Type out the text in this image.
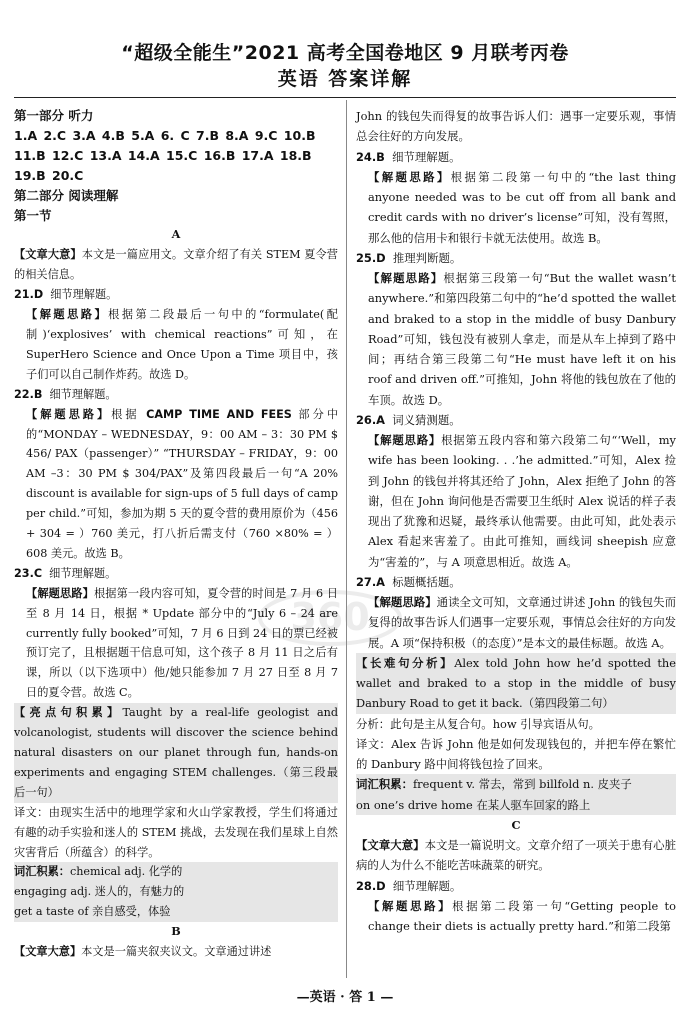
“超级全能生”2021 高考全国卷地区 9 月联考丙卷
英语 答案详解
360

第一部分 听力

1.A 2.C 3.A 4.B 5.A 6. C 7.B 8.A 9.C 10.B

11.B 12.C 13.A 14.A 15.C 16.B 17.A 18.B

19.B 20.C

第二部分 阅读理解

第一节

A

【文章大意】本文是一篇应用文。文章介绍了有关 STEM 夏令营的相关信息。

21.D 细节理解题。

【解题思路】根据第二段最后一句中的“formulate(配制)‘explosives’ with chemical reactions”可知，在 SuperHero Science and Once Upon a Time 项目中，孩子们可以自己制作炸药。故选 D。

22.B 细节理解题。

【解题思路】根据 CAMP TIME AND FEES 部分中的“MONDAY – WEDNESDAY，9：00 AM – 3：30 PM $ 456/ PAX（passenger）” “THURSDAY – FRIDAY，9：00 AM –3：30 PM $ 304/PAX”及第四段最后一句“A 20% discount is available for sign-ups of 5 full days of camp per child.”可知，参加为期 5 天的夏令营的费用原价为（456 + 304 = ）760 美元，打八折后需支付（760 ×80% = ）608 美元。故选 B。

23.C 细节理解题。

【解题思路】根据第一段内容可知，夏令营的时间是 7 月 6 日至 8 月 14 日，根据 * Update 部分中的“July 6 – 24 are currently fully booked”可知，7 月 6 日到 24 日的票已经被预订完了，且根据题干信息可知，这个孩子 8 月 11 日之后有课，所以（以下选项中）他/她只能参加 7 月 27 日至 8 月 7 日的夏令营。故选 C。

【亮点句积累】Taught by a real-life geologist and volcanologist, students will discover the science behind natural disasters on our planet through fun, hands-on experiments and engaging STEM challenges.（第三段最后一句）

译文：由现实生活中的地理学家和火山学家教授，学生们将通过有趣的动手实验和迷人的 STEM 挑战，去发现在我们星球上自然灾害背后（所蕴含）的科学。

词汇积累：chemical adj. 化学的

engaging adj. 迷人的，有魅力的

get a taste of 亲自感受，体验

B

【文章大意】本文是一篇夹叙夹议文。文章通过讲述

John 的钱包失而得复的故事告诉人们：遇事一定要乐观，事情总会往好的方向发展。

24.B 细节理解题。

【解题思路】根据第二段第一句中的“the last thing anyone needed was to be cut off from all bank and credit cards with no driver’s license”可知，没有驾照，那么他的信用卡和银行卡就无法使用。故选 B。

25.D 推理判断题。

【解题思路】根据第三段第一句“But the wallet wasn’t anywhere.”和第四段第二句中的“he’d spotted the wallet and braked to a stop in the middle of busy Danbury Road”可知，钱包没有被别人拿走，而是从车上掉到了路中间；再结合第三段第二句“He must have left it on his roof and driven off.”可推知，John 将他的钱包放在了他的车顶。故选 D。

26.A 词义猜测题。

【解题思路】根据第五段内容和第六段第二句“‘Well，my wife has been looking. . .’he admitted.”可知，Alex 捡到 John 的钱包并将其还给了 John，Alex 拒绝了 John 的答谢，但在 John 询问他是否需要卫生纸时 Alex 说话的样子表现出了犹豫和迟疑，最终承认他需要。由此可知，此处表示 Alex 看起来害羞了。由此可推知，画线词 sheepish 应意为“害羞的”，与 A 项意思相近。故选 A。

27.A 标题概括题。

【解题思路】通读全文可知，文章通过讲述 John 的钱包失而复得的故事告诉人们遇事一定要乐观，事情总会往好的方向发展。A 项“保持积极（的态度）”是本文的最佳标题。故选 A。

【长难句分析】Alex told John how he’d spotted the wallet and braked to a stop in the middle of busy Danbury Road to get it back.（第四段第二句）

分析：此句是主从复合句。how 引导宾语从句。

译文：Alex 告诉 John 他是如何发现钱包的，并把车停在繁忙的 Danbury 路中间将钱包捡了回来。

词汇积累：frequent v. 常去，常到 billfold n. 皮夹子

on one’s drive home 在某人驱车回家的路上

C

【文章大意】本文是一篇说明文。文章介绍了一项关于患有心脏病的人为什么不能吃苦味蔬菜的研究。

28.D 细节理解题。

【解题思路】根据第二段第一句“Getting people to change their diets is actually pretty hard.”和第二段第

—英语 · 答 1 —
